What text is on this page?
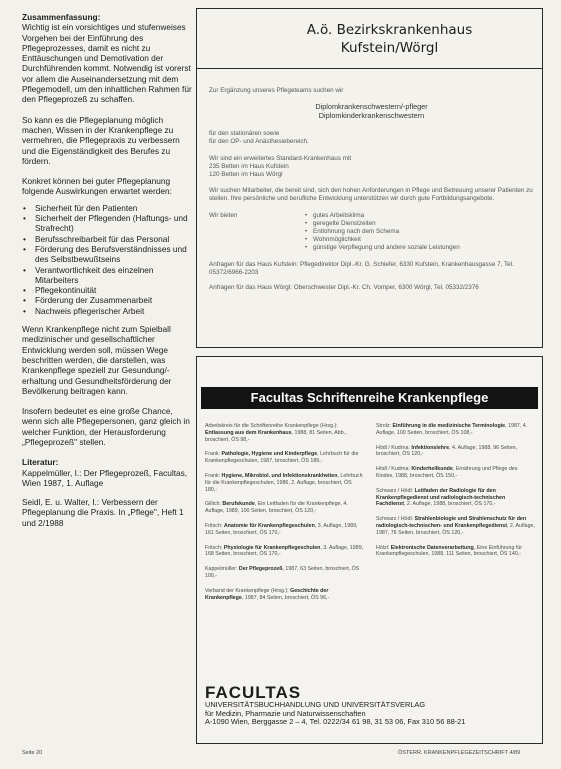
Zusammenfassung:
Wichtig ist ein vorsichtiges und stufenweises Vorgehen bei der Einführung des Pflegeprozesses, damit es nicht zu Enttäuschungen und Demotivation der Durchführenden kommt. Notwendig ist vorerst vor allem die Auseinandersetzung mit dem Pflegemodell, um den inhaltlichen Rahmen für den Pflegeprozeß zu schaffen.

So kann es die Pflegeplanung möglich machen, Wissen in der Krankenpflege zu vermehren, die Pflegepraxis zu verbessern und die Eigenständigkeit des Berufes zu fördern.

Konkret können bei guter Pflegeplanung folgende Auswirkungen erwartet werden:

• Sicherheit für den Patienten
• Sicherheit der Pflegenden (Haftungs- und Strafrecht)
• Berufsschreibarbeit für das Personal
• Förderung des Berufsverständnisses und des Selbstbewußtseins
• Verantwortlichkeit des einzelnen Mitarbeiters
• Pflegekontinuität
• Förderung der Zusammenarbeit
• Nachweis pflegerischer Arbeit

Wenn Krankenpflege nicht zum Spielball medizinischer und gesellschaftlicher Entwicklung werden soll, müssen Wege beschritten werden, die darstellen, was Krankenpflege speziell zur Gesundung/-erhaltung und Gesundheitsförderung der Bevölkerung beitragen kann.

Insofern bedeutet es eine große Chance, wenn sich alle Pflegepersonen, ganz gleich in welcher Funktion, der Herausforderung „Pflegeprozeß" stellen.

Literatur:
Kappelmüller, I.: Der Pflegeprozeß, Facultas, Wien 1987, 1. Auflage
Seidl, E. u. Walter, I.: Verbessern der Pflegeplanung die Praxis. In „Pflege", Heft 1 und 2/1988
Seite 20	ÖSTERR. KRANKENPFLEGEZEITSCHRIFT 4/89
A.ö. Bezirkskrankenhaus
Kufstein/Wörgl
Zur Ergänzung unseres Pflegeteams suchen wir
Diplomkrankenschwestern/-pfleger
Diplomkinderkrankenschwestern
für den stationären sowie
für den OP- und Anästhesiebereich.
Wir sind ein erweitertes Standard-Krankenhaus mit
235 Betten im Haus Kufstein
120 Betten im Haus Wörgl
Wir suchen Mitarbeiter, die bereit sind, sich den hohen Anforderungen in Pflege und Betreuung unserer Patienten zu stellen. Ihre persönliche und berufliche Entwicklung unterstützen wir durch gute Fortbildungsangebote.
Wir bieten
•	gutes Arbeitsklima
• geregelte Dienstzeiten
• Entlohnung nach dem Schema
• Wohnmöglichkeit
• günstige Verpflegung und andere soziale Leistungen
Anfragen für das Haus Kufstein: Pflegedirektor Dipl.-Kr. G. Schiefer, 6330 Kufstein, Krankenhausgasse 7, Tel. 05372/6966-2203
Anfragen für das Haus Wörgl: Oberschwester Dipl.-Kr. Ch. Vomper, 6300 Wörgl, Tel. 05332/2376
Facultas Schriftenreihe Krankenpflege
Arbeitskreis für die Schriftenreihe Krankenpflege (Hrsg.): Entlassung aus dem Krankenhaus, 1988, 81 Seiten, Abb., broschiert, ÖS 98,-
Frank: Pathologie, Hygiene und Kinderpflege, Lehrbuch für die Krankenpflegeschulen, 1987, broschiert, ÖS 189,-
Frank: Hygiene, Mikrobiol. und Infektionskrankheiten, Lehrbuch für die Krankenpflegeschulen, 1986, 2. Auflage, broschiert, ÖS 180,-
Gillich: Berufskunde, Ein Leitfaden für die Krankenpflege, 4. Auflage, 1989, 100 Seiten, broschiert, ÖS 120,-
Fritsch: Anatomie für Krankenpflegeschulen, 3. Auflage, 1989, 161 Seiten, broschiert, ÖS 170,-
Fritsch: Physiologie für Krankenpflegeschulen, 3. Auflage, 1989, 168 Seiten, broschiert, ÖS 170,-
Kappelmüller: Der Pflegeprozeß, 1987, 63 Seiten, broschiert, ÖS 100,-
Verband der Krankenpflege (Hrsg.): Geschichte der Krankenpflege, 1987, 84 Seiten, broschiert, ÖS 96,-
Strolz: Einführung in die medizinische Terminologie, 1987, 4. Auflage, 100 Seiten, broschiert, ÖS 108,-
Hödl / Kudrna: Infektionslehre, 4. Auflage, 1988, 96 Seiten, broschiert, ÖS 120,-
Hödl / Kudrna: Kinderheilkunde, Ernährung und Pflege des Kindes, 1988, broschiert, ÖS 150,-
Schwarz / Hödl: Leitfaden der Radiologie für den Krankenpflegedienst und radiologisch-technischen Fachdienst, 2. Auflage, 1988, broschiert, ÖS 170,-
Schwarz / Hödl: Strahlenbiologie und Strahlenschutz für den radiologisch-technischen- und Krankenpflegedienst, 2. Auflage, 1987, 76 Seiten, broschiert, ÖS 120,-
Hölzl: Elektronische Datenverarbeitung, Eine Einführung für Krankenpflegeschulen, 1988, 111 Seiten, broschiert, ÖS 140,-
FACULTAS
UNIVERSITÄTSBUCHHANDLUNG UND UNIVERSITÄTSVERLAG
für Medizin, Pharmazie und Naturwissenschaften
A-1090 Wien, Berggasse 2 – 4, Tel. 0222/34 61 98, 31 53 06, Fax 310 56 88-21
